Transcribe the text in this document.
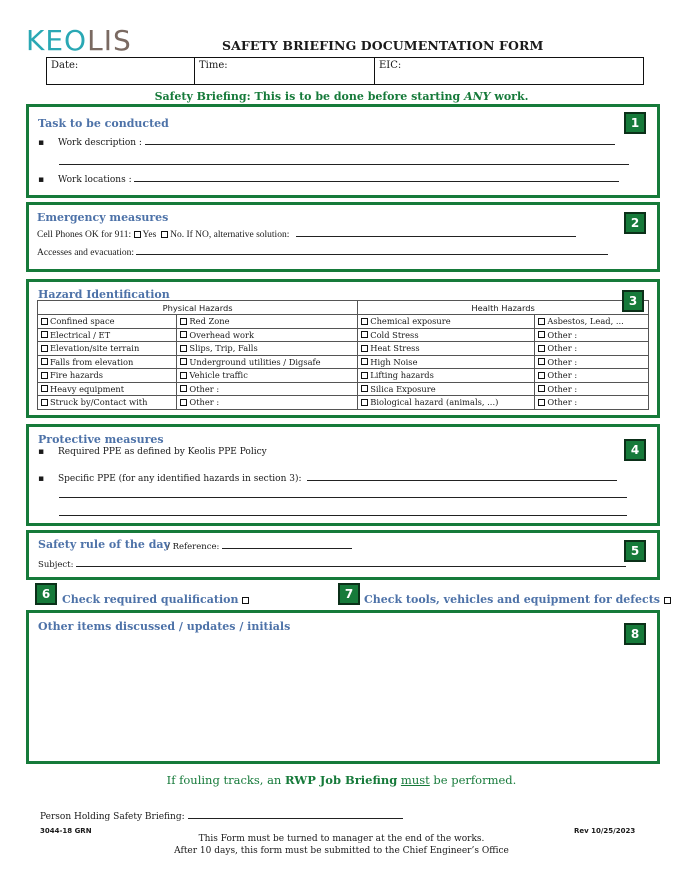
KEOLIS	SAFETY BRIEFING DOCUMENTATION FORM
Date:	Time:	EIC:
Safety Briefing: This is to be done before starting ANY work.
Task to be conducted	1
▪ Work description :
▪ Work locations :
Emergency measures	2
Cell Phones OK for 911: Yes No. If NO, alternative solution:
Accesses and evacuation:
Hazard Identification	3
Physical Hazards		Health Hazards	
Confined space	Red Zone	Chemical exposure	Asbestos, Lead, ...
Electrical / ET	Overhead work	Cold Stress	Other :
Elevation/site terrain	Slips, Trip, Falls	Heat Stress	Other :
Falls from elevation	Underground utilities / Digsafe	High Noise	Other :
Fire hazards	Vehicle traffic	Lifting hazards	Other :
Heavy equipment	Other :	Silica Exposure	Other :
Struck by/Contact with	Other :	Biological hazard (animals, ...)	Other :
Protective measures
4
▪ Required PPE as defined by Keolis PPE Policy
▪ Specific PPE (for any identified hazards in section 3):
Safety rule of the day
/ Reference:	5
Subject:
6	Check required qualification	7 Check tools, vehicles and equipment for defects
Other items discussed / updates / initials
8
If fouling tracks, an RWP Job Briefing must be performed.
Person Holding Safety Briefing:
3044-18 GRN	Rev 10/25/2023
This Form must be turned to manager at the end of the works.
After 10 days, this form must be submitted to the Chief Engineer’s Office
